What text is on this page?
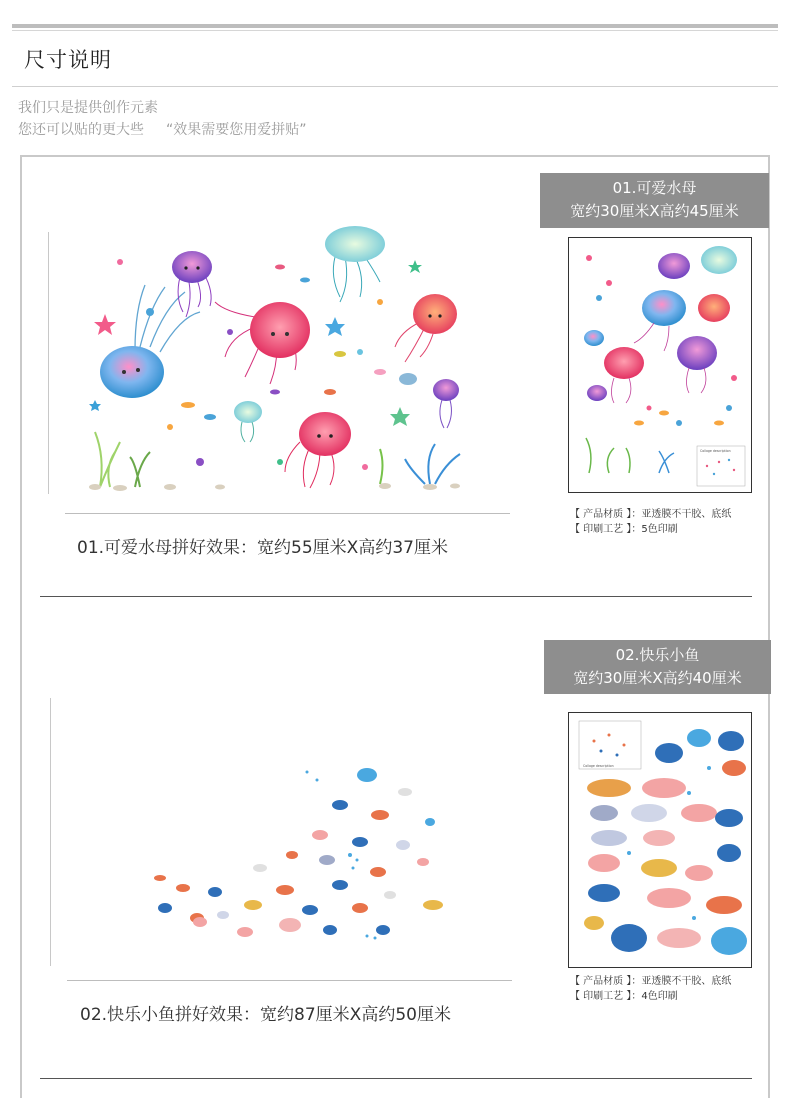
尺寸说明
我们只是提供创作元素
您还可以贴的更大些 “效果需要您用爱拼贴”
01.可爱水母拼好效果：宽约55厘米X高约37厘米
01.可爱水母
宽约30厘米X高约45厘米
Collage description
【 产品材质 】：亚透膜不干胶、底纸
【 印刷工艺 】：5色印刷
02.快乐小鱼拼好效果：宽约87厘米X高约50厘米
02.快乐小鱼
宽约30厘米X高约40厘米
Collage description
【 产品材质 】：亚透膜不干胶、底纸
【 印刷工艺 】：4色印刷
